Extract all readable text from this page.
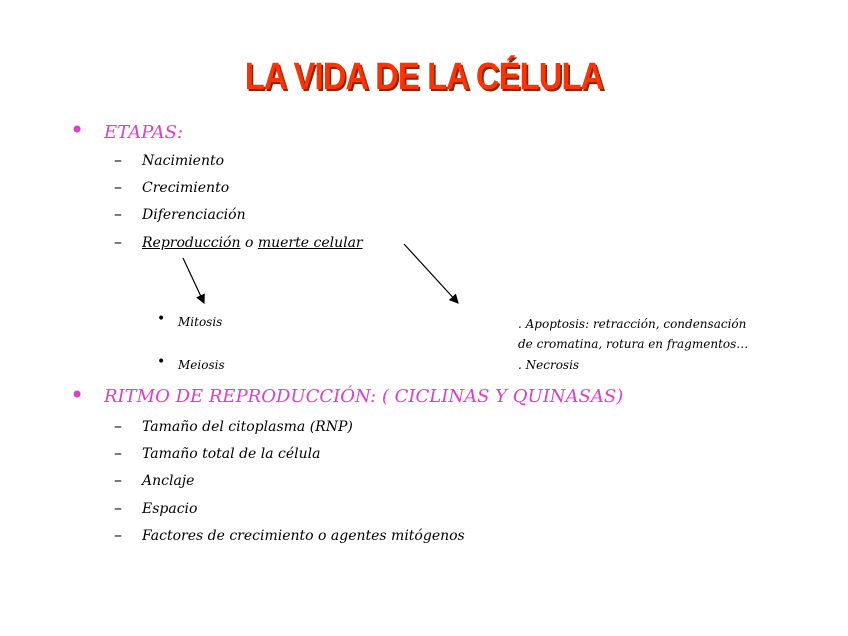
LA VIDA DE LA CÉLULA
• ETAPAS:
– Nacimiento
– Crecimiento
– Diferenciación
– Reproducción o muerte celular
• Mitosis	. Apoptosis: retracción, condensación de cromatina, rotura en fragmentos…
• Meiosis	. Necrosis
• RITMO DE REPRODUCCIÓN: ( CICLINAS Y QUINASAS)
– Tamaño del citoplasma (RNP)
– Tamaño total de la célula
– Anclaje
– Espacio
– Factores de crecimiento o agentes mitógenos
